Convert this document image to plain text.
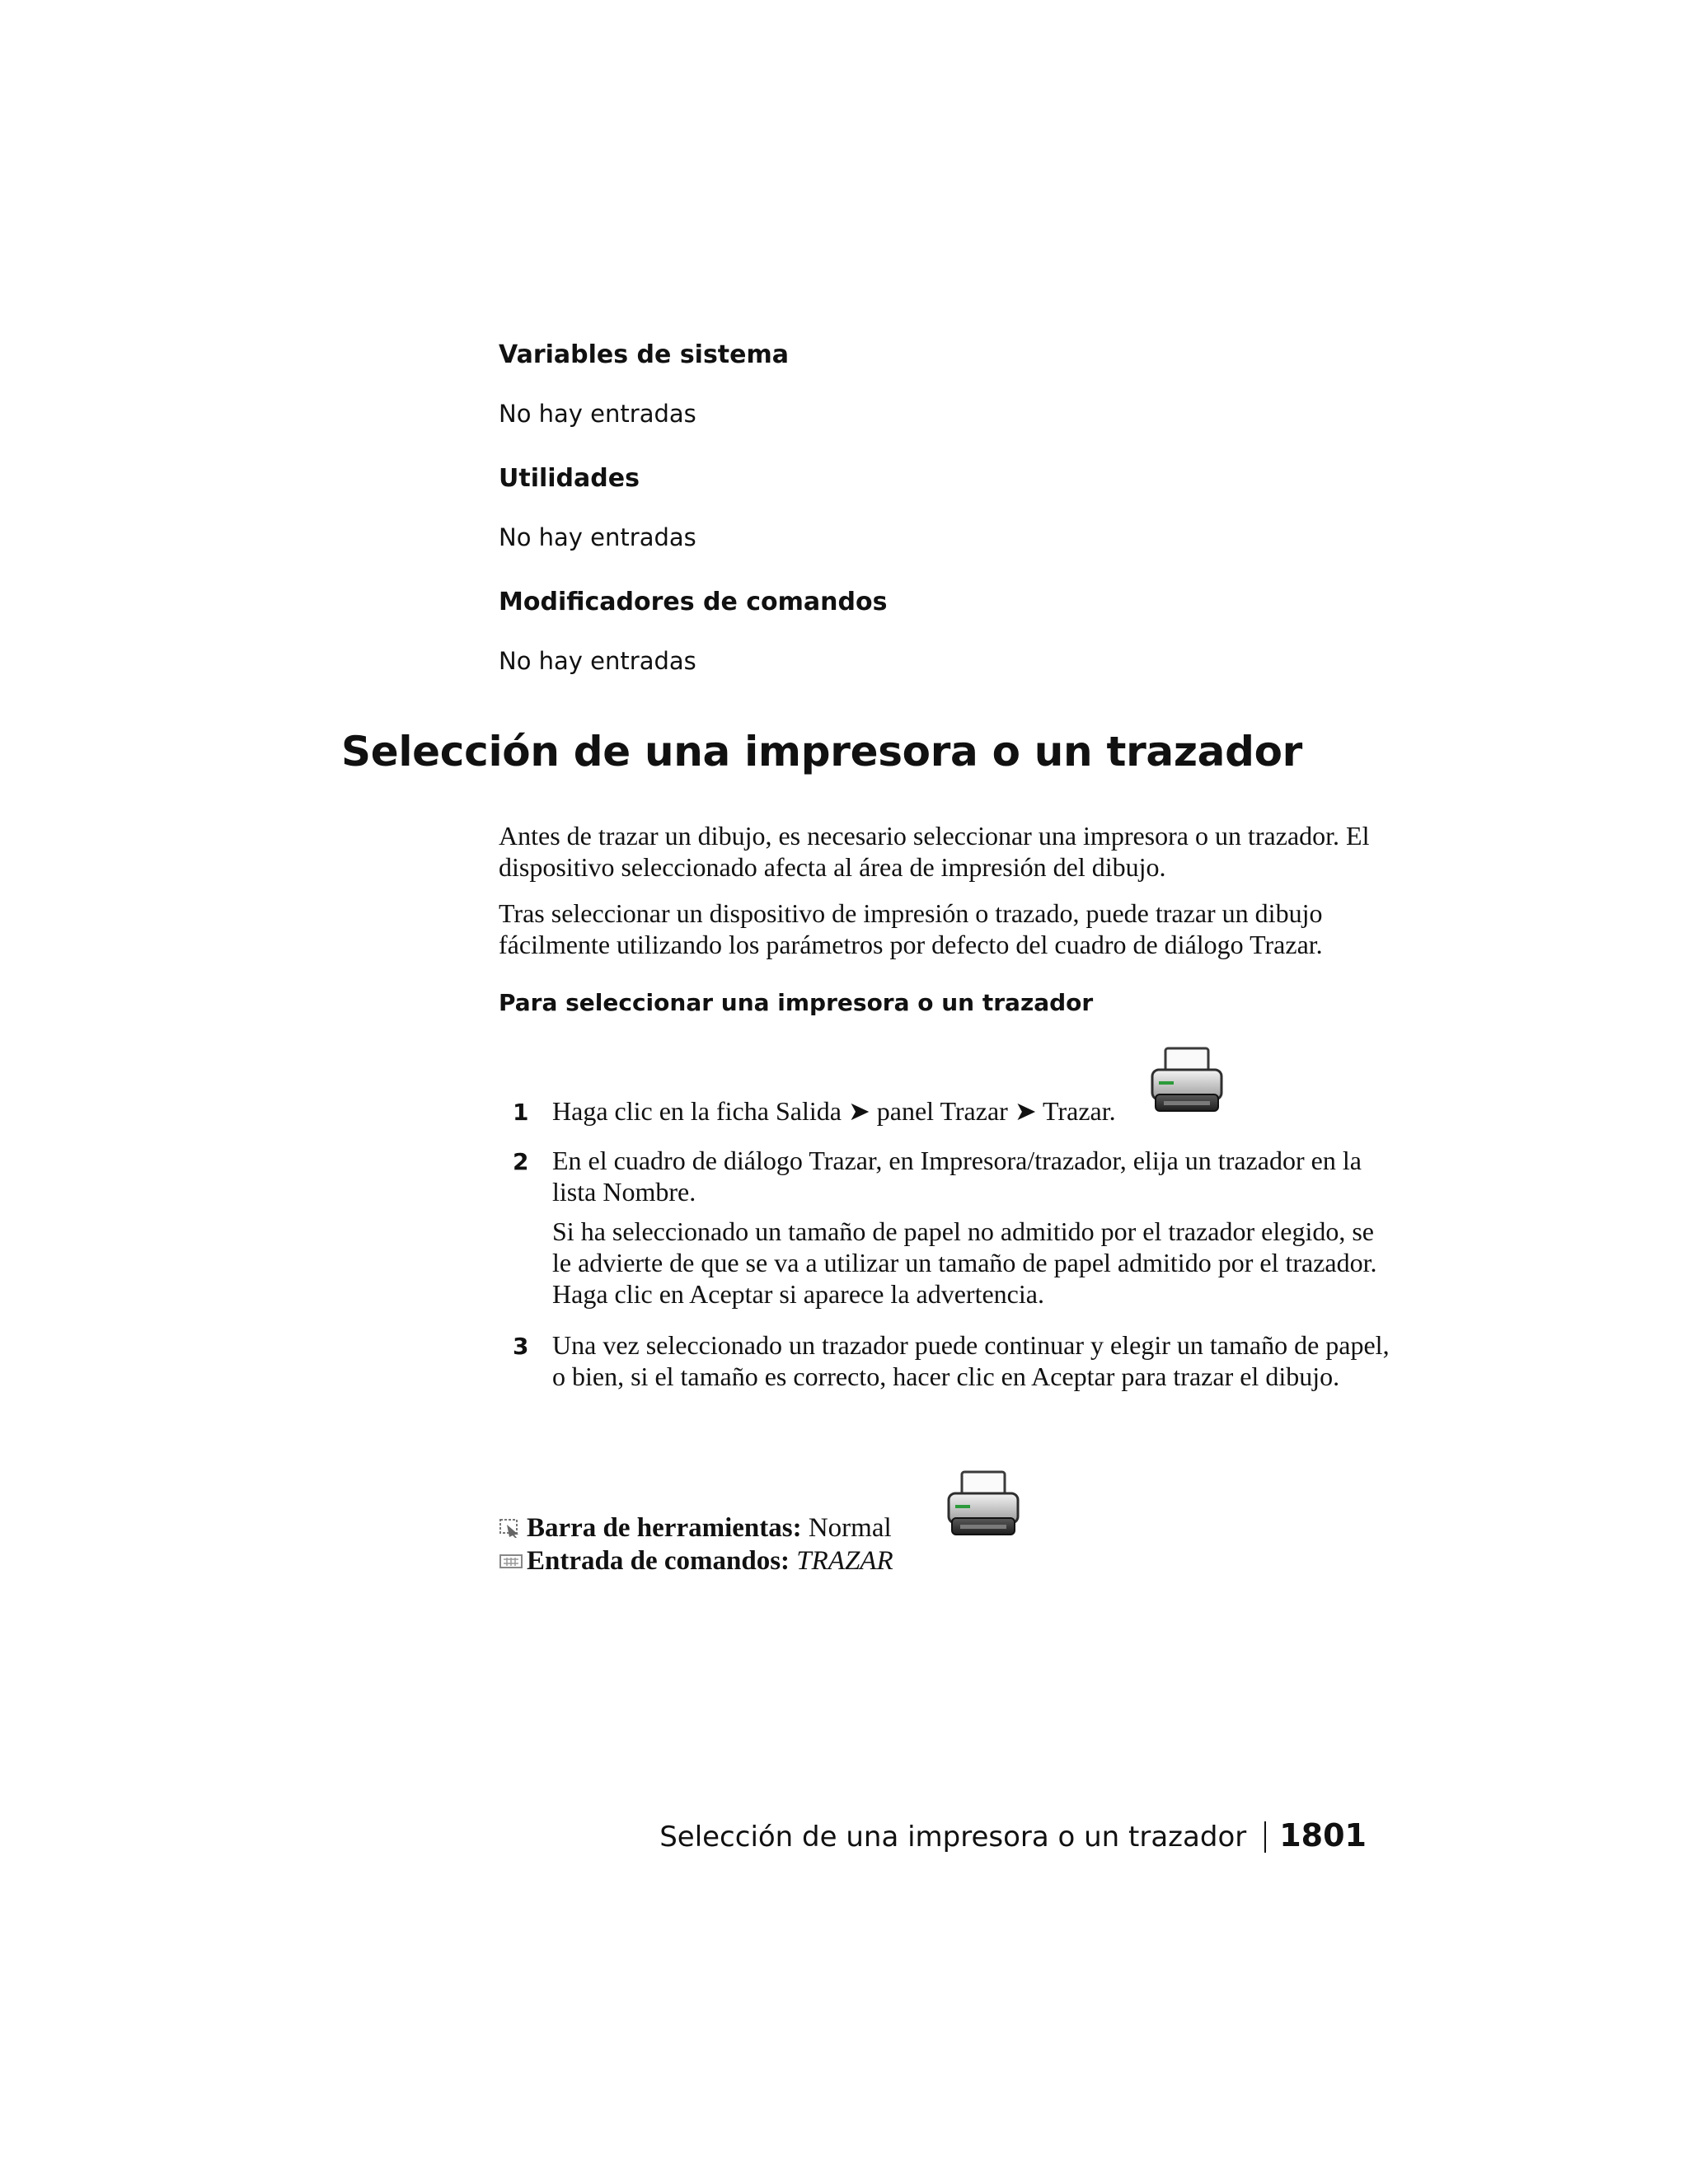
Variables de sistema

No hay entradas

Utilidades

No hay entradas

Modificadores de comandos

No hay entradas

Selección de una impresora o un trazador

Antes de trazar un dibujo, es necesario seleccionar una impresora o un trazador. El dispositivo seleccionado afecta al área de impresión del dibujo.

Tras seleccionar un dispositivo de impresión o trazado, puede trazar un dibujo fácilmente utilizando los parámetros por defecto del cuadro de diálogo Trazar.

Para seleccionar una impresora o un trazador
1 Haga clic en la ficha Salida ➤ panel Trazar ➤ Trazar.

2 En el cuadro de diálogo Trazar, en Impresora/trazador, elija un trazador en la lista Nombre.

Si ha seleccionado un tamaño de papel no admitido por el trazador elegido, se le advierte de que se va a utilizar un tamaño de papel admitido por el trazador. Haga clic en Aceptar si aparece la advertencia.

3 Una vez seleccionado un trazador puede continuar y elegir un tamaño de papel, o bien, si el tamaño es correcto, hacer clic en Aceptar para trazar el dibujo.

Barra de herramientas: Normal
Entrada de comandos: TRAZAR
Selección de una impresora o un trazador 1801
